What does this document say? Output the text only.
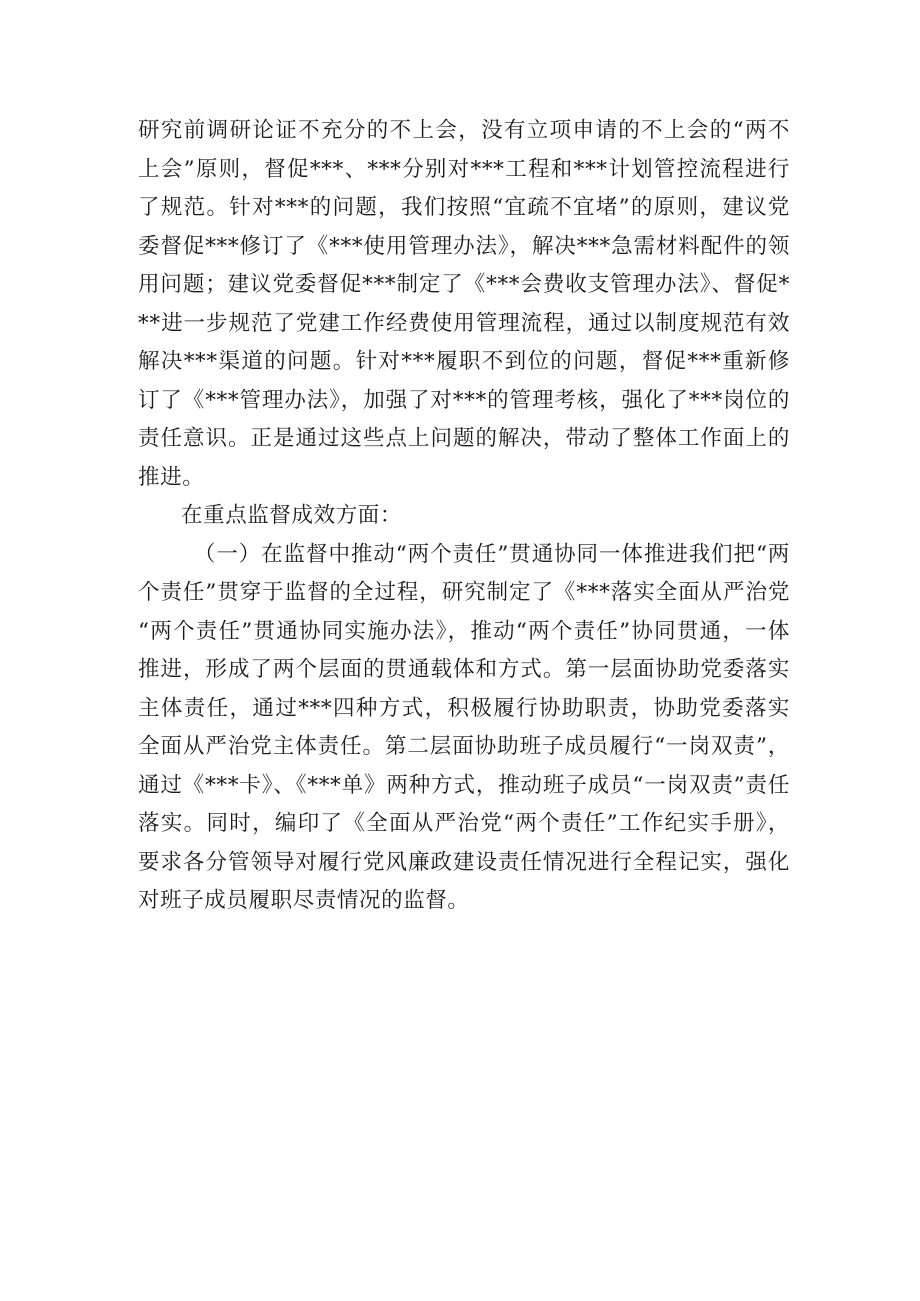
研究前调研论证不充分的不上会，没有立项申请的不上会的“两不上会”原则，督促***、***分别对***工程和***计划管控流程进行了规范。针对***的问题，我们按照“宜疏不宜堵”的原则，建议党委督促***修订了《***使用管理办法》，解决***急需材料配件的领用问题；建议党委督促***制定了《***会费收支管理办法》、督促***进一步规范了党建工作经费使用管理流程，通过以制度规范有效解决***渠道的问题。针对***履职不到位的问题，督促***重新修订了《***管理办法》，加强了对***的管理考核，强化了***岗位的责任意识。正是通过这些点上问题的解决，带动了整体工作面上的推进。

在重点监督成效方面：

（一）在监督中推动“两个责任”贯通协同一体推进我们把“两个责任”贯穿于监督的全过程，研究制定了《***落实全面从严治党“两个责任”贯通协同实施办法》，推动“两个责任”协同贯通，一体推进，形成了两个层面的贯通载体和方式。第一层面协助党委落实主体责任，通过***四种方式，积极履行协助职责，协助党委落实全面从严治党主体责任。第二层面协助班子成员履行“一岗双责”，通过《***卡》、《***单》两种方式，推动班子成员“一岗双责”责任落实。同时，编印了《全面从严治党“两个责任”工作纪实手册》，要求各分管领导对履行党风廉政建设责任情况进行全程记实，强化对班子成员履职尽责情况的监督。
